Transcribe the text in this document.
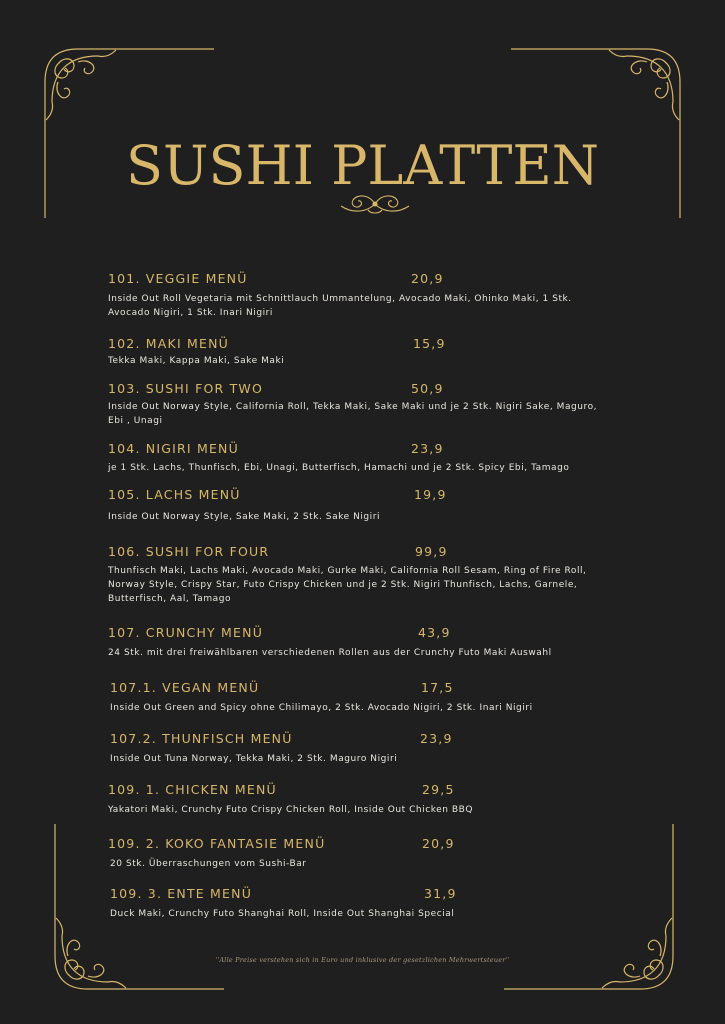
SUSHI PLATTEN
101. VEGGIE MENÜ	20,9
Inside Out Roll Vegetaria mit Schnittlauch Ummantelung, Avocado Maki, Ohinko Maki, 1 Stk. Avocado Nigiri, 1 Stk. Inari Nigiri
102. MAKI MENÜ	15,9
Tekka Maki, Kappa Maki, Sake Maki
103. SUSHI FOR TWO	50,9
Inside Out Norway Style, California Roll, Tekka Maki, Sake Maki und je 2 Stk. Nigiri Sake, Maguro, Ebi , Unagi
104. NIGIRI MENÜ	23,9
je 1 Stk. Lachs, Thunfisch, Ebi, Unagi, Butterfisch, Hamachi und je 2 Stk. Spicy Ebi, Tamago
105. LACHS MENÜ	19,9
Inside Out Norway Style, Sake Maki, 2 Stk. Sake Nigiri
106. SUSHI FOR FOUR	99,9
Thunfisch Maki, Lachs Maki, Avocado Maki, Gurke Maki, California Roll Sesam, Ring of Fire Roll, Norway Style, Crispy Star, Futo Crispy Chicken und je 2 Stk. Nigiri Thunfisch, Lachs, Garnele, Butterfisch, Aal, Tamago
107. CRUNCHY MENÜ	43,9
24 Stk. mit drei freiwählbaren verschiedenen Rollen aus der Crunchy Futo Maki Auswahl
107.1. VEGAN MENÜ	17,5
Inside Out Green and Spicy ohne Chilimayo, 2 Stk. Avocado Nigiri, 2 Stk. Inari Nigiri
107.2. THUNFISCH MENÜ	23,9
Inside Out Tuna Norway, Tekka Maki, 2 Stk. Maguro Nigiri
109. 1. CHICKEN MENÜ	29,5
Yakatori Maki, Crunchy Futo Crispy Chicken Roll, Inside Out Chicken BBQ
109. 2. KOKO FANTASIE MENÜ	20,9
20 Stk. Überraschungen vom Sushi-Bar
109. 3. ENTE MENÜ	31,9
Duck Maki, Crunchy Futo Shanghai Roll, Inside Out Shanghai Special
''Alle Preise verstehen sich in Euro und inklusive der gesetzlichen Mehrwertsteuer''
